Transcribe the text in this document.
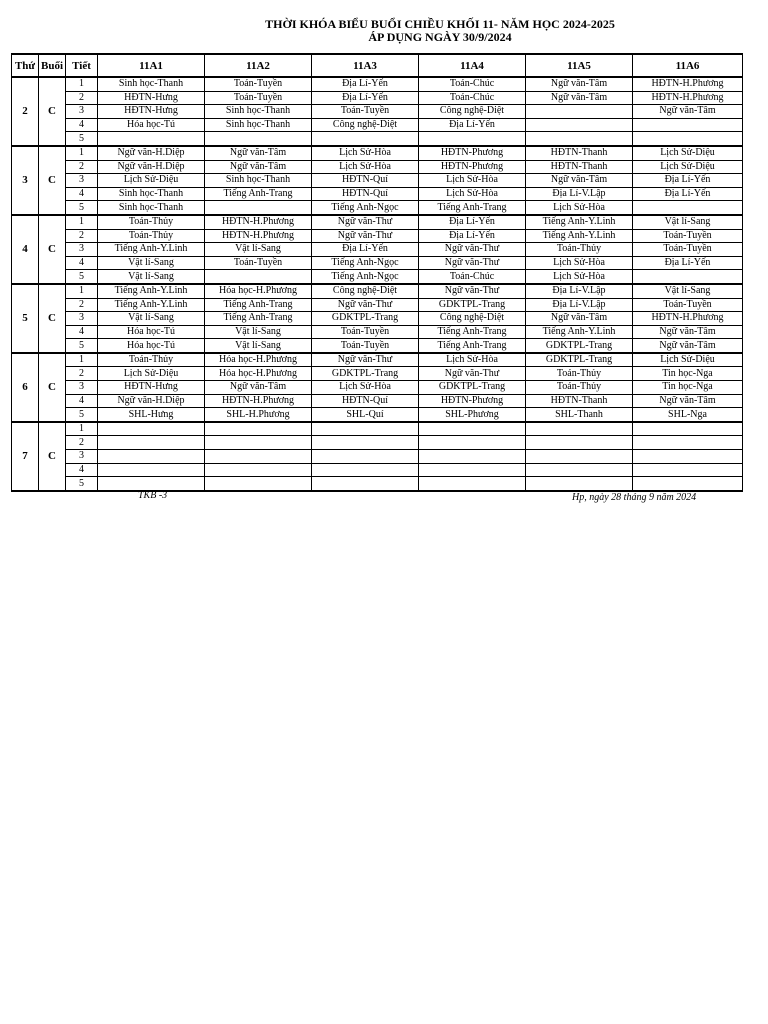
THỜI KHÓA BIỂU BUỔI CHIỀU KHỐI 11- NĂM HỌC 2024-2025
ÁP DỤNG NGÀY 30/9/2024
Thứ	Buổi	Tiết	11A1	11A2	11A3	11A4	11A5	11A6
2	C	1	Sinh học-Thanh	Toán-Tuyền	Địa Lí-Yến	Toán-Chúc	Ngữ văn-Tâm	HĐTN-H.Phương
		2	HĐTN-Hưng	Toán-Tuyền	Địa Lí-Yến	Toán-Chúc	Ngữ văn-Tâm	HĐTN-H.Phương
		3	HĐTN-Hưng	Sinh học-Thanh	Toán-Tuyền	Công nghệ-Diệt		Ngữ văn-Tâm
		4	Hóa học-Tú	Sinh học-Thanh	Công nghệ-Diệt	Địa Lí-Yến		
		5						
3	C	1	Ngữ văn-H.Diệp	Ngữ văn-Tâm	Lịch Sử-Hòa	HĐTN-Phương	HĐTN-Thanh	Lịch Sử-Diệu
		2	Ngữ văn-H.Diệp	Ngữ văn-Tâm	Lịch Sử-Hòa	HĐTN-Phương	HĐTN-Thanh	Lịch Sử-Diệu
		3	Lịch Sử-Diệu	Sinh học-Thanh	HĐTN-Quí	Lịch Sử-Hòa	Ngữ văn-Tâm	Địa Lí-Yến
		4	Sinh học-Thanh	Tiếng Anh-Trang	HĐTN-Quí	Lịch Sử-Hòa	Địa Lí-V.Lập	Địa Lí-Yến
		5	Sinh học-Thanh		Tiếng Anh-Ngọc	Tiếng Anh-Trang	Lịch Sử-Hòa	
4	C	1	Toán-Thủy	HĐTN-H.Phương	Ngữ văn-Thư	Địa Lí-Yến	Tiếng Anh-Y.Linh	Vật lí-Sang
		2	Toán-Thủy	HĐTN-H.Phương	Ngữ văn-Thư	Địa Lí-Yến	Tiếng Anh-Y.Linh	Toán-Tuyền
		3	Tiếng Anh-Y.Linh	Vật lí-Sang	Địa Lí-Yến	Ngữ văn-Thư	Toán-Thủy	Toán-Tuyền
		4	Vật lí-Sang	Toán-Tuyền	Tiếng Anh-Ngọc	Ngữ văn-Thư	Lịch Sử-Hòa	Địa Lí-Yến
		5	Vật lí-Sang		Tiếng Anh-Ngọc	Toán-Chúc	Lịch Sử-Hòa	
5	C	1	Tiếng Anh-Y.Linh	Hóa học-H.Phương	Công nghệ-Diệt	Ngữ văn-Thư	Địa Lí-V.Lập	Vật lí-Sang
		2	Tiếng Anh-Y.Linh	Tiếng Anh-Trang	Ngữ văn-Thư	GDKTPL-Trang	Địa Lí-V.Lập	Toán-Tuyền
		3	Vật lí-Sang	Tiếng Anh-Trang	GDKTPL-Trang	Công nghệ-Diệt	Ngữ văn-Tâm	HĐTN-H.Phương
		4	Hóa học-Tú	Vật lí-Sang	Toán-Tuyền	Tiếng Anh-Trang	Tiếng Anh-Y.Linh	Ngữ văn-Tâm
		5	Hóa học-Tú	Vật lí-Sang	Toán-Tuyền	Tiếng Anh-Trang	GDKTPL-Trang	Ngữ văn-Tâm
6	C	1	Toán-Thủy	Hóa học-H.Phương	Ngữ văn-Thư	Lịch Sử-Hòa	GDKTPL-Trang	Lịch Sử-Diệu
		2	Lịch Sử-Diệu	Hóa học-H.Phương	GDKTPL-Trang	Ngữ văn-Thư	Toán-Thủy	Tin học-Nga
		3	HĐTN-Hưng	Ngữ văn-Tâm	Lịch Sử-Hòa	GDKTPL-Trang	Toán-Thủy	Tin học-Nga
		4	Ngữ văn-H.Diệp	HĐTN-H.Phương	HĐTN-Quí	HĐTN-Phương	HĐTN-Thanh	Ngữ văn-Tâm
		5	SHL-Hưng	SHL-H.Phương	SHL-Quí	SHL-Phương	SHL-Thanh	SHL-Nga
7	C	1						
		2						
		3						
		4						
		5						
TKB -3	Hp, ngày 28 tháng 9 năm 2024
